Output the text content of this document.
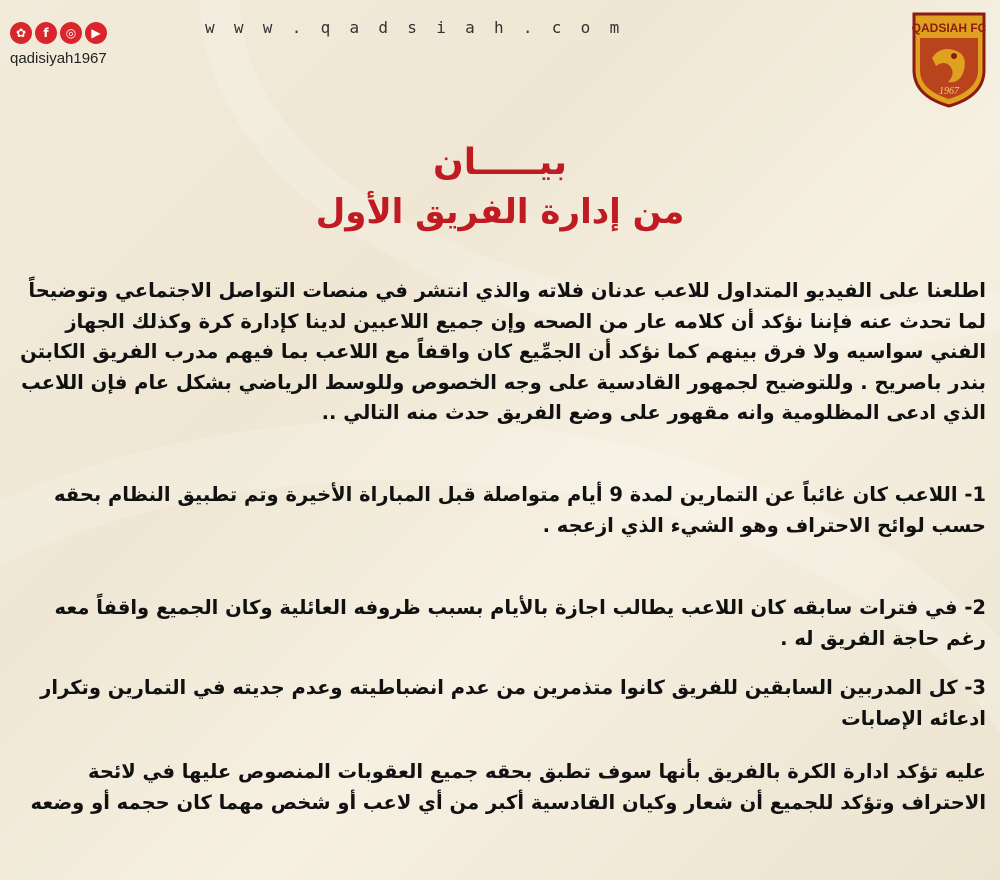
✿	f	◎	▶
qadisiyah1967
w  w  w  .  q  a  d  s  i  a  h  .  c  o  m	QADSIAH FC
1967
بيـــــان
من إدارة الفريق الأول
اطلعنا على الفيديو المتداول للاعب عدنان فلاته والذي انتشر في منصات التواصل الاجتماعي وتوضيحاً لما تحدث عنه فإننا نؤكد أن كلامه عار من الصحه وإن جميع اللاعبين لدينا كإدارة كرة وكذلك الجهاز الفني سواسيه ولا فرق بينهم كما نؤكد أن الجمِّيع كان واقفاً مع اللاعب بما فيهم مدرب الفريق الكابتن بندر باصريح . وللتوضيح لجمهور القادسية على وجه الخصوص وللوسط الرياضي بشكل عام فإن اللاعب الذي ادعى المظلومية وانه مقهور على وضع الفريق حدث منه التالي ..
1- اللاعب كان غائباً عن التمارين لمدة 9 أيام متواصلة قبل المباراة الأخيرة وتم تطبيق النظام بحقه حسب لوائح الاحتراف وهو الشيء الذي ازعجه .
2- في فترات سابقه كان اللاعب يطالب اجازة بالأيام بسبب ظروفه العائلية وكان الجميع واقفاً معه رغم حاجة الفريق له .
3- كل المدربين السابقين للفريق كانوا متذمرين من عدم انضباطيته وعدم جديته في التمارين وتكرار ادعائه الإصابات
عليه تؤكد ادارة الكرة بالفريق بأنها سوف تطبق بحقه جميع العقوبات المنصوص عليها في لائحة الاحتراف وتؤكد للجميع أن شعار وكيان القادسية أكبر من أي لاعب أو شخص مهما كان حجمه أو وضعه
